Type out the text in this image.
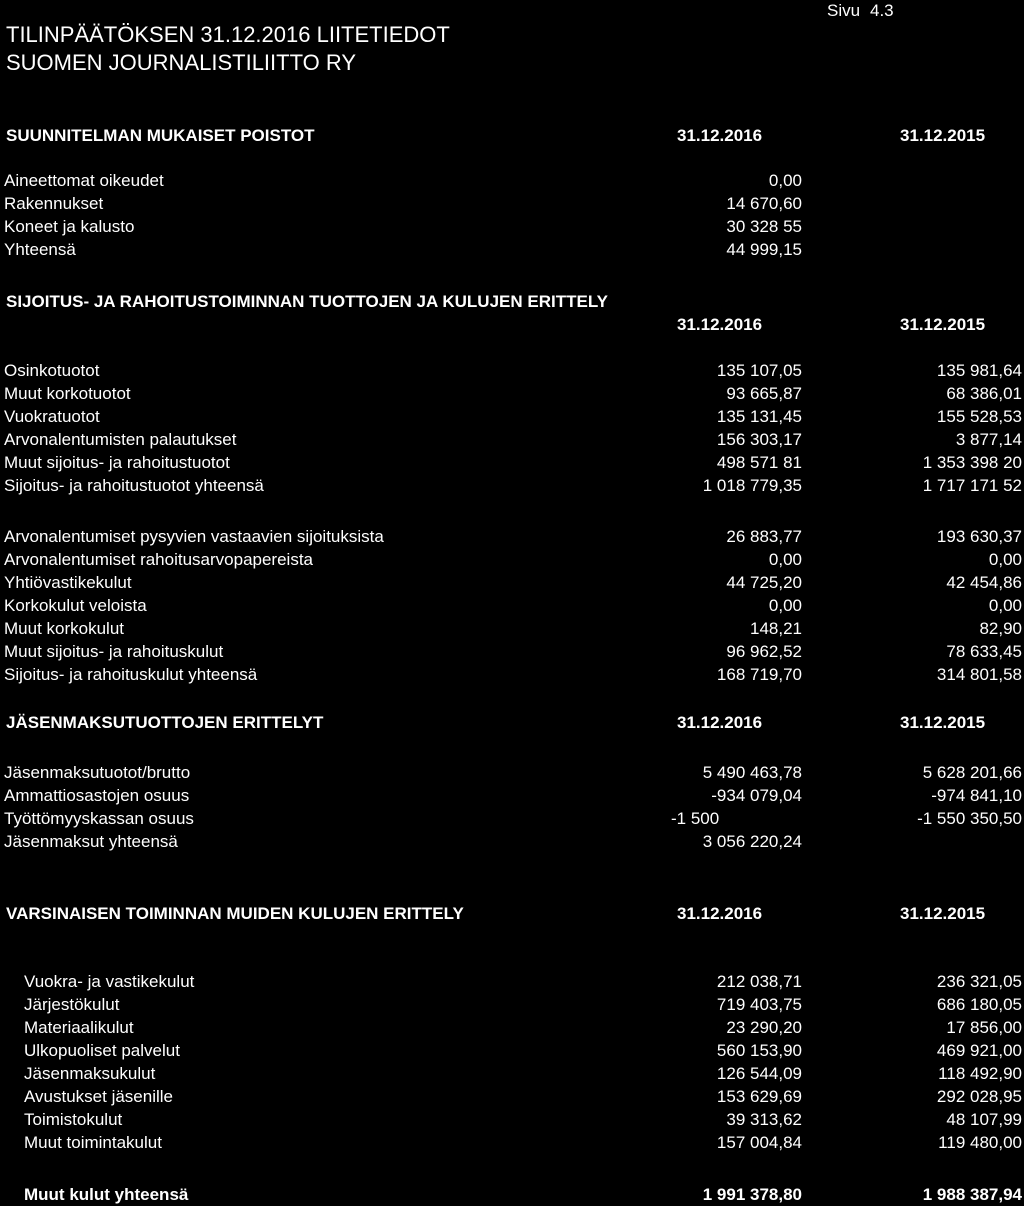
TILINPÄÄTÖKSEN 31.12.2016 LIITETIEDOT
SUOMEN JOURNALISTILIITTO RY
Sivu 4.3
SUUNNITELMAN MUKAISET POISTOT	31.12.2016	31.12.2015
Aineettomat oikeudet	0,00
Rakennukset	14 670,60
Koneet ja kalusto	30 328 55
Yhteensä	44 999,15
SIJOITUS- JA RAHOITUSTOIMINNAN TUOTTOJEN JA KULUJEN ERITTELY
31.12.2016	31.12.2015
Osinkotuotot	135 107,05	135 981,64
Muut korkotuotot	93 665,87	68 386,01
Vuokratuotot	135 131,45	155 528,53
Arvonalentumisten palautukset	156 303,17	3 877,14
Muut sijoitus- ja rahoitustuotot	498 571 81	1 353 398 20
Sijoitus- ja rahoitustuotot yhteensä	1 018 779,35	1 717 171 52
Arvonalentumiset pysyvien vastaavien sijoituksista	26 883,77	193 630,37
Arvonalentumiset rahoitusarvopapereista	0,00	0,00
Yhtiövastikekulut	44 725,20	42 454,86
Korkokulut veloista	0,00	0,00
Muut korkokulut	148,21	82,90
Muut sijoitus- ja rahoituskulut	96 962,52	78 633,45
Sijoitus- ja rahoituskulut yhteensä	168 719,70	314 801,58
JÄSENMAKSUTUOTTOJEN ERITTELYT	31.12.2016	31.12.2015
Jäsenmaksutuotot/brutto	5 490 463,78	5 628 201,66
Ammattiosastojen osuus	-934 079,04	-974 841,10
Työttömyyskassan osuus	-1 500	-1 550 350,50
Jäsenmaksut yhteensä	3 056 220,24
VARSINAISEN TOIMINNAN MUIDEN KULUJEN ERITTELY	31.12.2016	31.12.2015
Vuokra- ja vastikekulut	212 038,71	236 321,05
Järjestökulut	719 403,75	686 180,05
Materiaalikulut	23 290,20	17 856,00
Ulkopuoliset palvelut	560 153,90	469 921,00
Jäsenmaksukulut	126 544,09	118 492,90
Avustukset jäsenille	153 629,69	292 028,95
Toimistokulut	39 313,62	48 107,99
Muut toimintakulut	157 004,84	119 480,00
Muut kulut yhteensä	1 991 378,80	1 988 387,94
